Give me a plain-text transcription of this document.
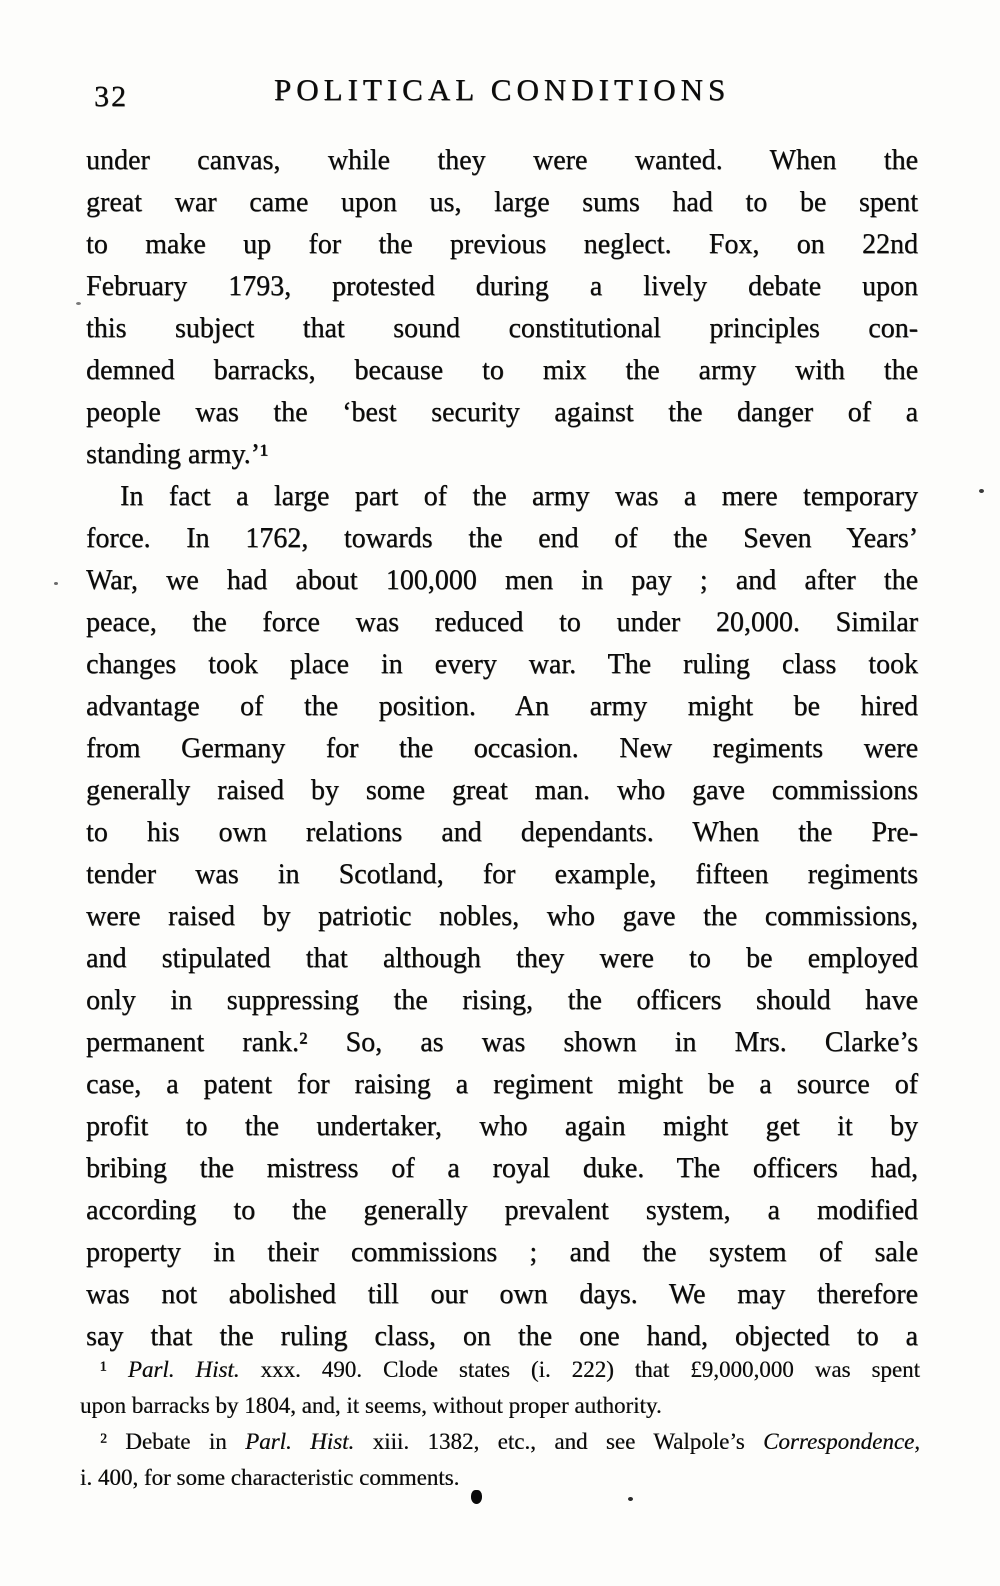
32	POLITICAL CONDITIONS
under canvas, while they were wanted. When the
great war came upon us, large sums had to be spent
to make up for the previous neglect. Fox, on 22nd
February 1793, protested during a lively debate upon
this subject that sound constitutional principles con-
demned barracks, because to mix the army with the
people was the ‘best security against the danger of a
standing army.’¹
In fact a large part of the army was a mere temporary
force. In 1762, towards the end of the Seven Years’
War, we had about 100,000 men in pay ; and after the
peace, the force was reduced to under 20,000. Similar
changes took place in every war. The ruling class took
advantage of the position. An army might be hired
from Germany for the occasion. New regiments were
generally raised by some great man. who gave commissions
to his own relations and dependants. When the Pre-
tender was in Scotland, for example, fifteen regiments
were raised by patriotic nobles, who gave the commissions,
and stipulated that although they were to be employed
only in suppressing the rising, the officers should have
permanent rank.² So, as was shown in Mrs. Clarke’s
case, a patent for raising a regiment might be a source of
profit to the undertaker, who again might get it by
bribing the mistress of a royal duke. The officers had,
according to the generally prevalent system, a modified
property in their commissions ; and the system of sale
was not abolished till our own days. We may therefore
say that the ruling class, on the one hand, objected to a
¹ Parl. Hist. xxx. 490. Clode states (i. 222) that £9,000,000 was spent
upon barracks by 1804, and, it seems, without proper authority.
² Debate in Parl. Hist. xiii. 1382, etc., and see Walpole’s Correspondence,
i. 400, for some characteristic comments.
